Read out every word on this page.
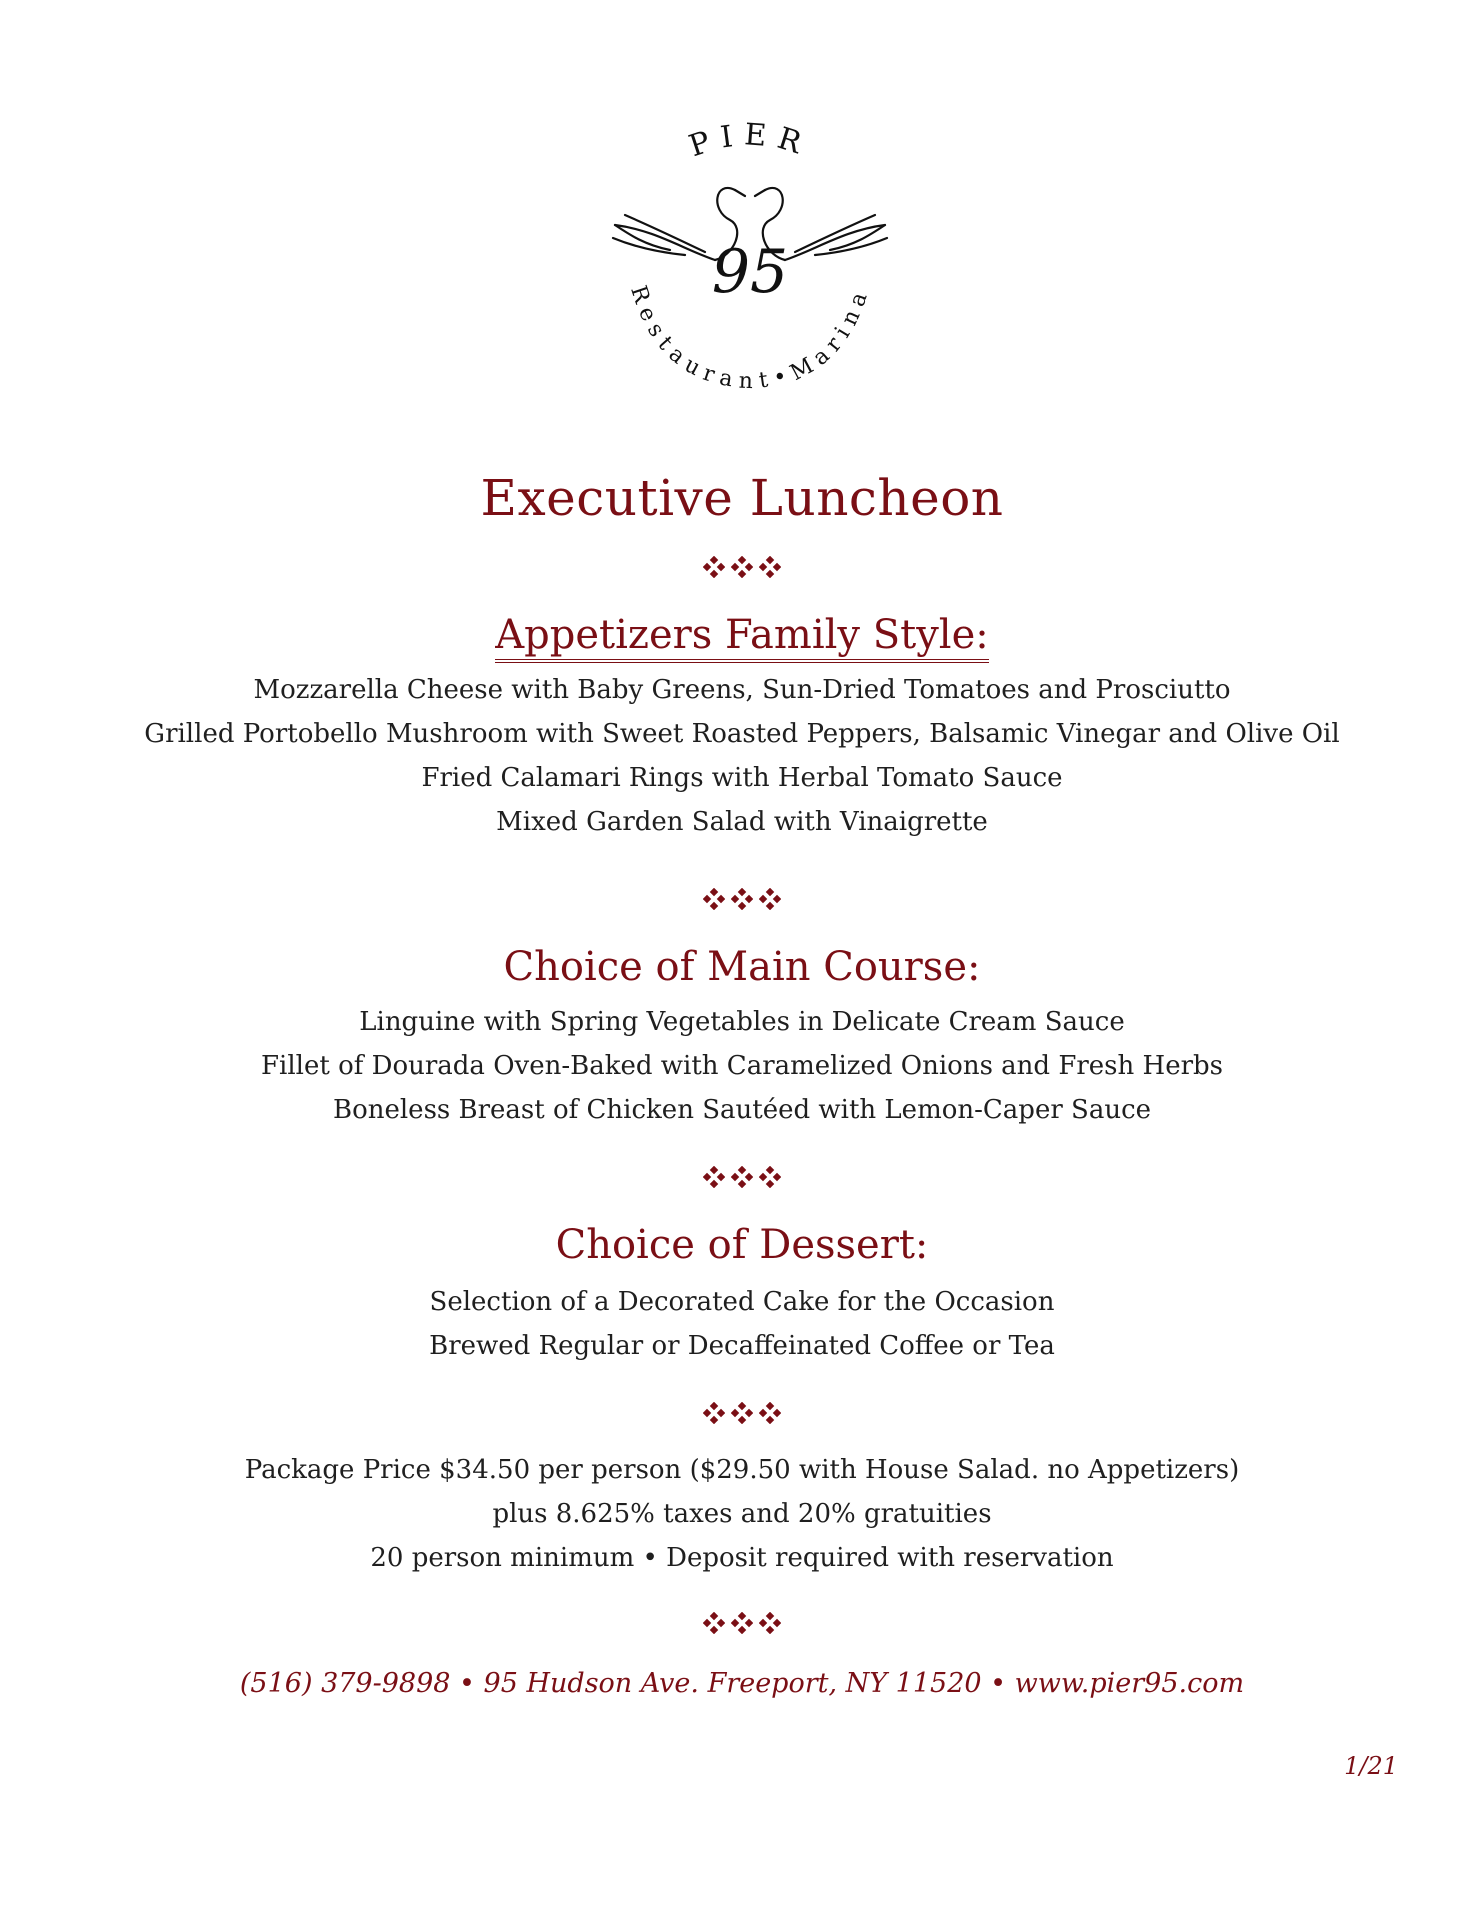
PIER
95
Restaurant•Marina
Executive Luncheon
Appetizers Family Style:
Mozzarella Cheese with Baby Greens, Sun-Dried Tomatoes and Prosciutto
Grilled Portobello Mushroom with Sweet Roasted Peppers, Balsamic Vinegar and Olive Oil
Fried Calamari Rings with Herbal Tomato Sauce
Mixed Garden Salad with Vinaigrette
Choice of Main Course:
Linguine with Spring Vegetables in Delicate Cream Sauce
Fillet of Dourada Oven-Baked with Caramelized Onions and Fresh Herbs
Boneless Breast of Chicken Sautéed with Lemon-Caper Sauce
Choice of Dessert:
Selection of a Decorated Cake for the Occasion
Brewed Regular or Decaffeinated Coffee or Tea
Package Price $34.50 per person ($29.50 with House Salad. no Appetizers)
plus 8.625% taxes and 20% gratuities
20 person minimum • Deposit required with reservation
(516) 379-9898 • 95 Hudson Ave. Freeport, NY 11520 • www.pier95.com
1/21
